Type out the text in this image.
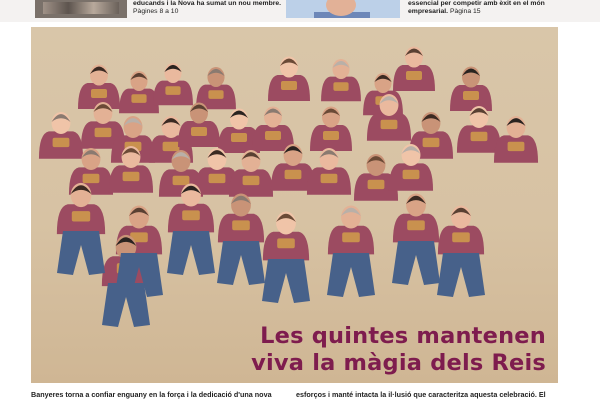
educands i la Nova ha sumat un nou membre. Pàgines 8 a 10
essencial per competir amb èxit en el món empresarial. Pàgina 15
Les quintes mantenen
viva la màgia dels Reis
Banyeres torna a confiar enguany en la força i la dedicació d'una nova	esforços i manté intacta la il·lusió que caracteritza aquesta celebració. El
